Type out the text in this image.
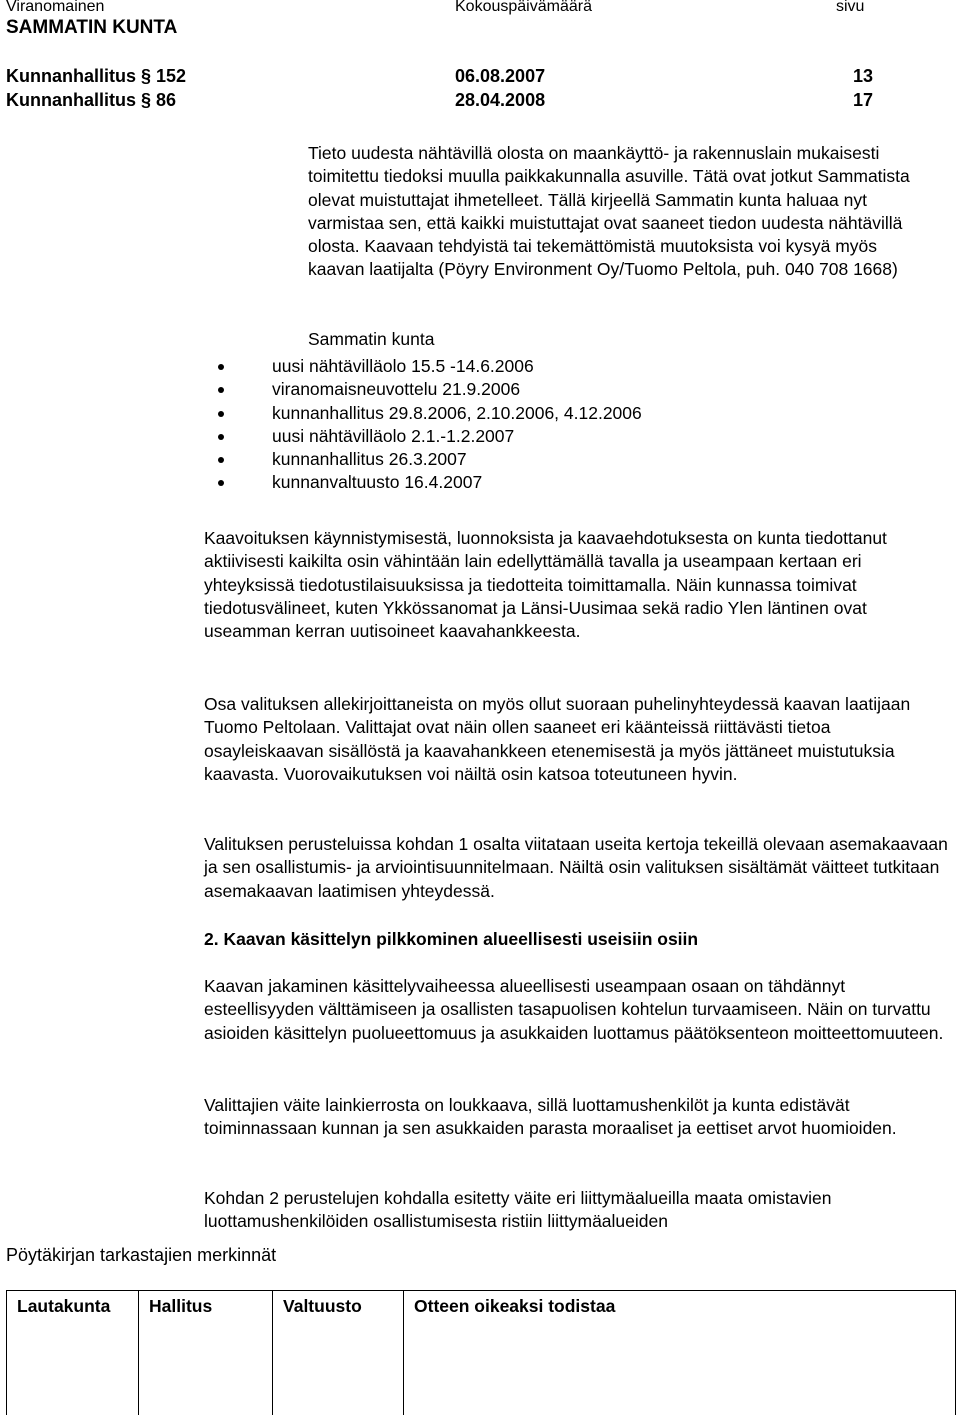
Viranomainen	Kokouspäivämäärä	sivu
SAMMATIN KUNTA
Kunnanhallitus § 152	06.08.2007	13
Kunnanhallitus § 86	28.04.2008	17
Tieto uudesta nähtävillä olosta on maankäyttö- ja rakennuslain mukaisesti toimitettu tiedoksi muulla paikkakunnalla asuville. Tätä ovat jotkut Sammatista olevat muistuttajat ihmetelleet. Tällä kirjeellä Sammatin kunta haluaa nyt varmistaa sen, että kaikki muistuttajat ovat saaneet tiedon uudesta nähtävillä olosta. Kaavaan tehdyistä tai tekemättömistä muutoksista voi kysyä myös kaavan laatijalta (Pöyry Environment Oy/Tuomo Peltola, puh. 040 708 1668)
Sammatin kunta
uusi nähtävilläolo 15.5 -14.6.2006
viranomaisneuvottelu 21.9.2006
kunnanhallitus 29.8.2006, 2.10.2006, 4.12.2006
uusi nähtävilläolo 2.1.-1.2.2007
kunnanhallitus 26.3.2007
kunnanvaltuusto 16.4.2007
Kaavoituksen käynnistymisestä, luonnoksista ja kaavaehdotuksesta on kunta tiedottanut aktiivisesti kaikilta osin vähintään lain edellyttämällä tavalla ja useampaan kertaan eri yhteyksissä tiedotustilaisuuksissa ja tiedotteita toimittamalla. Näin kunnassa toimivat tiedotusvälineet, kuten Ykkössanomat ja Länsi-Uusimaa sekä radio Ylen läntinen ovat useamman kerran uutisoineet kaavahankkeesta.
Osa valituksen allekirjoittaneista on myös ollut suoraan puhelinyhteydessä kaavan laatijaan Tuomo Peltolaan. Valittajat ovat näin ollen saaneet eri käänteissä riittävästi tietoa osayleiskaavan sisällöstä ja kaavahankkeen etenemisestä ja myös jättäneet muistutuksia kaavasta. Vuorovaikutuksen voi näiltä osin katsoa toteutuneen hyvin.
Valituksen perusteluissa kohdan 1 osalta viitataan useita kertoja tekeillä olevaan asemakaavaan ja sen osallistumis- ja arviointisuunnitelmaan. Näiltä osin valituksen sisältämät väitteet tutkitaan asemakaavan laatimisen yhteydessä.
2. Kaavan käsittelyn pilkkominen alueellisesti useisiin osiin
Kaavan jakaminen käsittelyvaiheessa alueellisesti useampaan osaan on tähdännyt esteellisyyden välttämiseen ja osallisten tasapuolisen kohtelun turvaamiseen. Näin on turvattu asioiden käsittelyn puolueettomuus ja asukkaiden luottamus päätöksenteon moitteettomuuteen.
Valittajien väite lainkierrosta on loukkaava, sillä luottamushenkilöt ja kunta edistävät toiminnassaan kunnan ja sen asukkaiden parasta moraaliset ja eettiset arvot huomioiden.
Kohdan 2 perustelujen kohdalla esitetty väite eri liittymäalueilla maata omistavien luottamushenkilöiden osallistumisesta ristiin liittymäalueiden
Pöytäkirjan tarkastajien merkinnät
Lautakunta	Hallitus	Valtuusto	Otteen oikeaksi todistaa
